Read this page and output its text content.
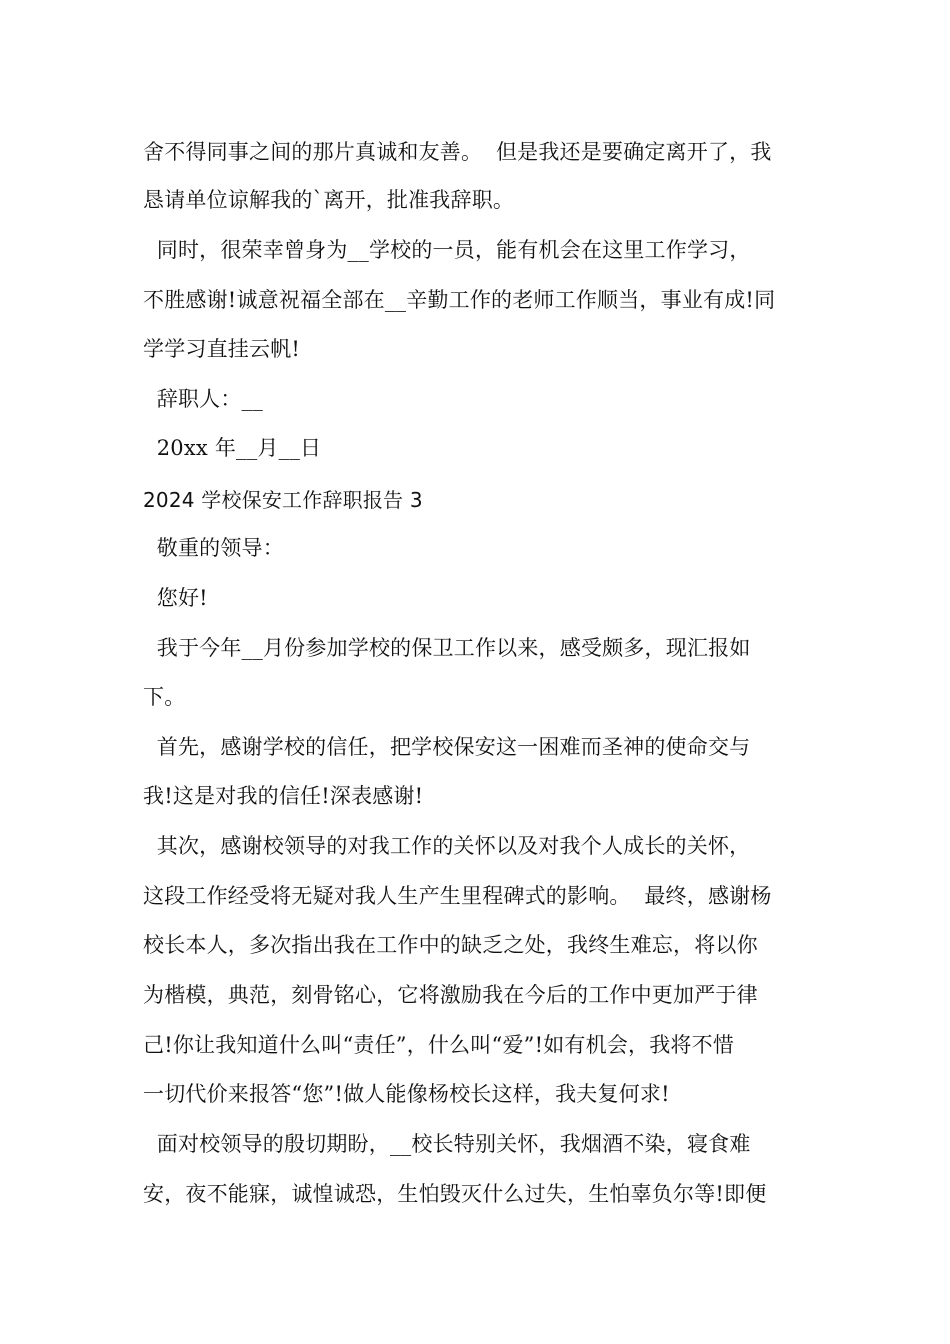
舍不得同事之间的那片真诚和友善。  但是我还是要确定离开了，我
恳请单位谅解我的`离开，批准我辞职。
同时，很荣幸曾身为__学校的一员，能有机会在这里工作学习，
不胜感谢!诚意祝福全部在__辛勤工作的老师工作顺当，事业有成!同
学学习直挂云帆!
辞职人：__
20xx 年__月__日
2024 学校保安工作辞职报告 3
敬重的领导：
您好!
我于今年__月份参加学校的保卫工作以来，感受颇多，现汇报如
下。
首先，感谢学校的信任，把学校保安这一困难而圣神的使命交与
我!这是对我的信任!深表感谢!
其次，感谢校领导的对我工作的关怀以及对我个人成长的关怀，
这段工作经受将无疑对我人生产生里程碑式的影响。  最终，感谢杨
校长本人，多次指出我在工作中的缺乏之处，我终生难忘，将以你
为楷模，典范，刻骨铭心，它将激励我在今后的工作中更加严于律
己!你让我知道什么叫“责任”，什么叫“爱”!如有机会，我将不惜
一切代价来报答“您”!做人能像杨校长这样，我夫复何求!
面对校领导的殷切期盼，__校长特别关怀，我烟酒不染，寝食难
安，夜不能寐，诚惶诚恐，生怕毁灭什么过失，生怕辜负尔等!即便
